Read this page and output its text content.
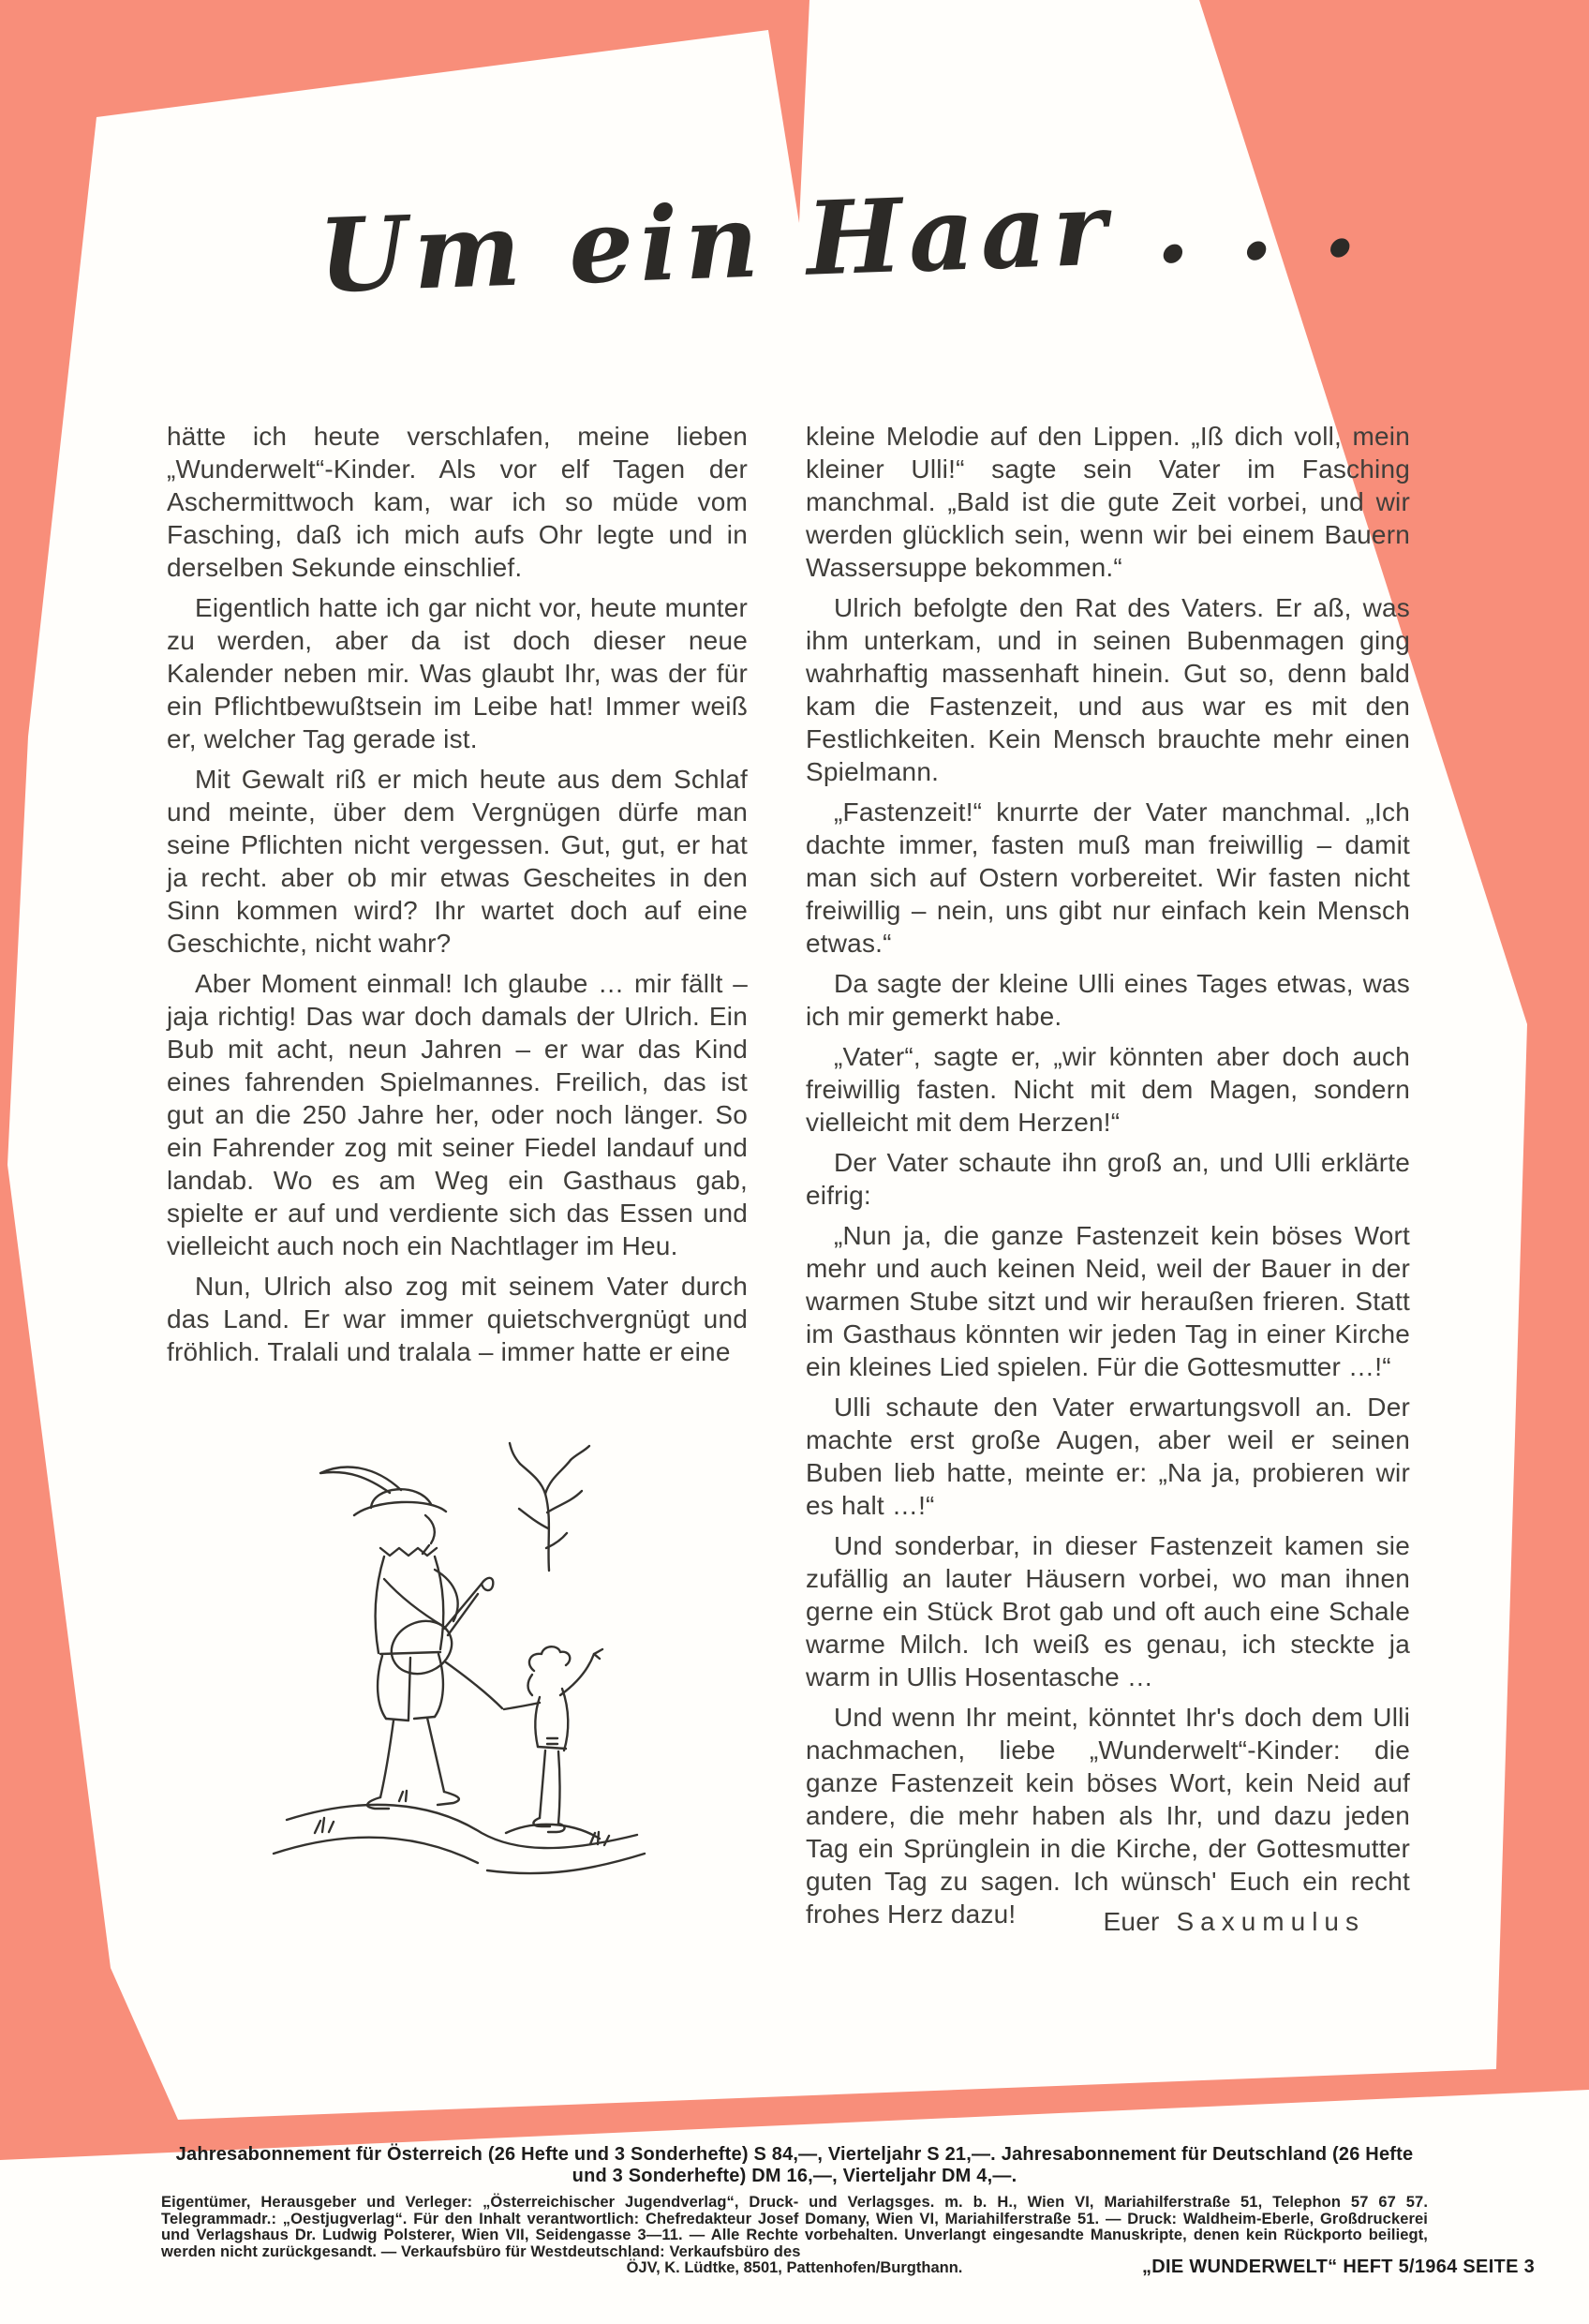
Um ein Haar . . .

hätte ich heute verschlafen, meine lieben „Wunderwelt“-Kinder. Als vor elf Tagen der Aschermittwoch kam, war ich so müde vom Fasching, daß ich mich aufs Ohr legte und in derselben Sekunde einschlief.

Eigentlich hatte ich gar nicht vor, heute munter zu werden, aber da ist doch dieser neue Kalender neben mir. Was glaubt Ihr, was der für ein Pflichtbewußtsein im Leibe hat! Immer weiß er, welcher Tag gerade ist.

Mit Gewalt riß er mich heute aus dem Schlaf und meinte, über dem Vergnügen dürfe man seine Pflichten nicht vergessen. Gut, gut, er hat ja recht. aber ob mir etwas Gescheites in den Sinn kommen wird? Ihr wartet doch auf eine Geschichte, nicht wahr?

Aber Moment einmal! Ich glaube … mir fällt – jaja richtig! Das war doch damals der Ulrich. Ein Bub mit acht, neun Jahren – er war das Kind eines fahrenden Spielmannes. Freilich, das ist gut an die 250 Jahre her, oder noch länger. So ein Fahrender zog mit seiner Fiedel landauf und landab. Wo es am Weg ein Gasthaus gab, spielte er auf und verdiente sich das Essen und vielleicht auch noch ein Nachtlager im Heu.

Nun, Ulrich also zog mit seinem Vater durch das Land. Er war immer quietschvergnügt und fröhlich. Tralali und tralala – immer hatte er eine

kleine Melodie auf den Lippen. „Iß dich voll, mein kleiner Ulli!“ sagte sein Vater im Fasching manchmal. „Bald ist die gute Zeit vorbei, und wir werden glücklich sein, wenn wir bei einem Bauern Wassersuppe bekommen.“

Ulrich befolgte den Rat des Vaters. Er aß, was ihm unterkam, und in seinen Bubenmagen ging wahrhaftig massenhaft hinein. Gut so, denn bald kam die Fastenzeit, und aus war es mit den Festlichkeiten. Kein Mensch brauchte mehr einen Spielmann.

„Fastenzeit!“ knurrte der Vater manchmal. „Ich dachte immer, fasten muß man freiwillig – damit man sich auf Ostern vorbereitet. Wir fasten nicht freiwillig – nein, uns gibt nur einfach kein Mensch etwas.“

Da sagte der kleine Ulli eines Tages etwas, was ich mir gemerkt habe.

„Vater“, sagte er, „wir könnten aber doch auch freiwillig fasten. Nicht mit dem Magen, sondern vielleicht mit dem Herzen!“

Der Vater schaute ihn groß an, und Ulli erklärte eifrig:

„Nun ja, die ganze Fastenzeit kein böses Wort mehr und auch keinen Neid, weil der Bauer in der warmen Stube sitzt und wir heraußen frieren. Statt im Gasthaus könnten wir jeden Tag in einer Kirche ein kleines Lied spielen. Für die Gottesmutter …!“

Ulli schaute den Vater erwartungsvoll an. Der machte erst große Augen, aber weil er seinen Buben lieb hatte, meinte er: „Na ja, probieren wir es halt …!“

Und sonderbar, in dieser Fastenzeit kamen sie zufällig an lauter Häusern vorbei, wo man ihnen gerne ein Stück Brot gab und oft auch eine Schale warme Milch. Ich weiß es genau, ich steckte ja warm in Ullis Hosentasche …

Und wenn Ihr meint, könntet Ihr's doch dem Ulli nachmachen, liebe „Wunderwelt“-Kinder: die ganze Fastenzeit kein böses Wort, kein Neid auf andere, die mehr haben als Ihr, und dazu jeden Tag ein Sprünglein in die Kirche, der Gottesmutter guten Tag zu sagen. Ich wünsch' Euch ein recht frohes Herz dazu!	Euer Saxumulus
Jahresabonnement für Österreich (26 Hefte und 3 Sonderhefte) S 84,—, Vierteljahr S 21,—. Jahresabonnement für Deutschland (26 Hefte
und 3 Sonderhefte) DM 16,—, Vierteljahr DM 4,—.
Eigentümer, Herausgeber und Verleger: „Österreichischer Jugendverlag“, Druck- und Verlagsges. m. b. H., Wien VI, Mariahilferstraße 51, Telephon 57 67 57. Telegrammadr.: „Oestjugverlag“. Für den Inhalt verantwortlich: Chefredakteur Josef Domany, Wien VI, Mariahilferstraße 51. — Druck: Waldheim-Eberle, Großdruckerei und Verlagshaus Dr. Ludwig Polsterer, Wien VII, Seidengasse 3—11. — Alle Rechte vorbehalten. Unverlangt eingesandte Manuskripte, denen kein Rückporto beiliegt, werden nicht zurückgesandt. — Verkaufsbüro für Westdeutschland: Verkaufsbüro des
ÖJV, K. Lüdtke, 8501, Pattenhofen/Burgthann.	„DIE WUNDERWELT“ HEFT 5/1964 SEITE 3
